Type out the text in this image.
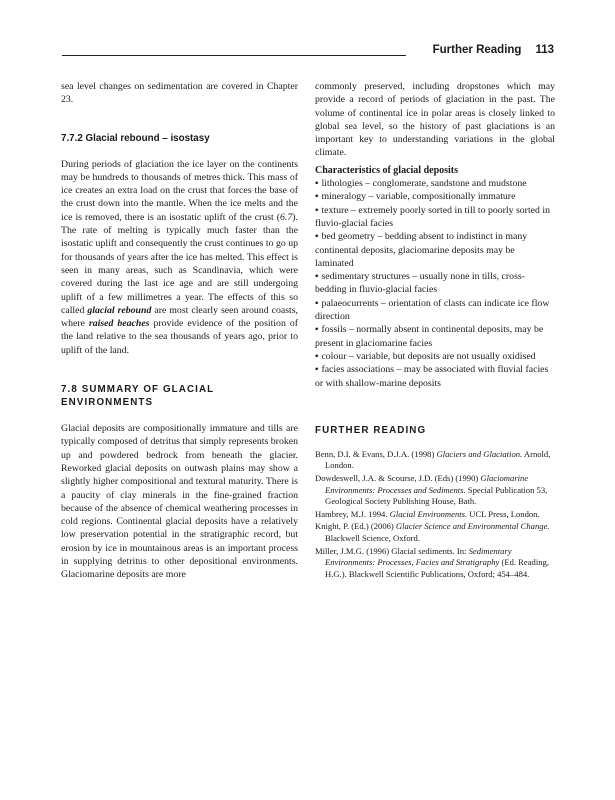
Further Reading 113

sea level changes on sedimentation are covered in Chapter 23.

7.7.2 Glacial rebound – isostasy

During periods of glaciation the ice layer on the continents may be hundreds to thousands of metres thick. This mass of ice creates an extra load on the crust that forces the base of the crust down into the mantle. When the ice melts and the ice is removed, there is an isostatic uplift of the crust (6.7). The rate of melting is typically much faster than the isostatic uplift and consequently the crust continues to go up for thousands of years after the ice has melted. This effect is seen in many areas, such as Scandinavia, which were covered during the last ice age and are still undergoing uplift of a few millimetres a year. The effects of this so called glacial rebound are most clearly seen around coasts, where raised beaches provide evidence of the position of the land relative to the sea thousands of years ago, prior to uplift of the land.

7.8 SUMMARY OF GLACIAL
ENVIRONMENTS

Glacial deposits are compositionally immature and tills are typically composed of detritus that simply represents broken up and powdered bedrock from beneath the glacier. Reworked glacial deposits on outwash plains may show a slightly higher compositional and textural maturity. There is a paucity of clay minerals in the fine-grained fraction because of the absence of chemical weathering processes in cold regions. Continental glacial deposits have a relatively low preservation potential in the stratigraphic record, but erosion by ice in mountainous areas is an important process in supplying detritus to other depositional environments. Glaciomarine deposits are more

commonly preserved, including dropstones which may provide a record of periods of glaciation in the past. The volume of continental ice in polar areas is closely linked to global sea level, so the history of past glaciations is an important key to understanding variations in the global climate.

Characteristics of glacial deposits

• lithologies – conglomerate, sandstone and mudstone
• mineralogy – variable, compositionally immature
• texture – extremely poorly sorted in till to poorly sorted in fluvio-glacial facies
• bed geometry – bedding absent to indistinct in many continental deposits, glaciomarine deposits may be laminated
• sedimentary structures – usually none in tills, cross-bedding in fluvio-glacial facies
• palaeocurrents – orientation of clasts can indicate ice flow direction
• fossils – normally absent in continental deposits, may be present in glaciomarine facies
• colour – variable, but deposits are not usually oxidised
• facies associations – may be associated with fluvial facies or with shallow-marine deposits
FURTHER READING

Benn, D.I. & Evans, D.J.A. (1998) Glaciers and Glaciation. Arnold, London.

Dowdeswell, J.A. & Scourse, J.D. (Eds) (1990) Glaciomarine Environments: Processes and Sediments. Special Publication 53, Geological Society Publishing House, Bath.

Hambrey, M.J. 1994. Glacial Environments. UCL Press, London.

Knight, P. (Ed.) (2006) Glacier Science and Environmental Change. Blackwell Science, Oxford.

Miller, J.M.G. (1996) Glacial sediments. In: Sedimentary Environments: Processes, Facies and Stratigraphy (Ed. Reading, H.G.). Blackwell Scientific Publications, Oxford; 454–484.
